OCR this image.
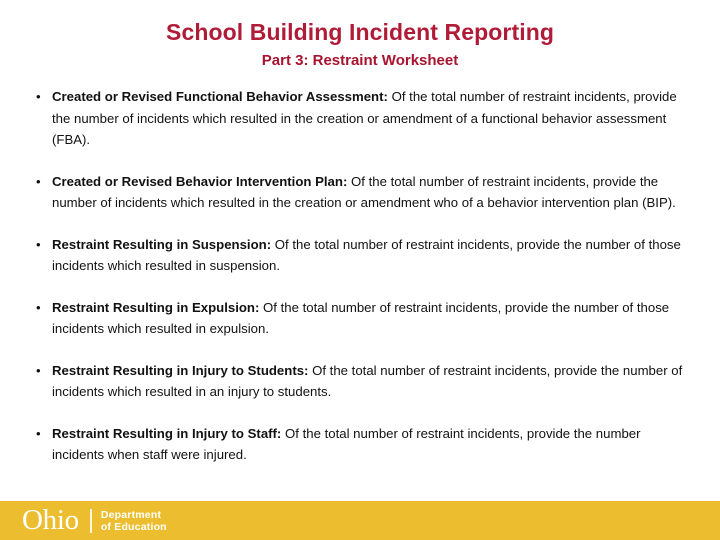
School Building Incident Reporting
Part 3: Restraint Worksheet

• Created or Revised Functional Behavior Assessment: Of the total number of restraint incidents, provide the number of incidents which resulted in the creation or amendment of a functional behavior assessment (FBA).

• Created or Revised Behavior Intervention Plan: Of the total number of restraint incidents, provide the number of incidents which resulted in the creation or amendment who of a behavior intervention plan (BIP).

• Restraint Resulting in Suspension: Of the total number of restraint incidents, provide the number of those incidents which resulted in suspension.

• Restraint Resulting in Expulsion: Of the total number of restraint incidents, provide the number of those incidents which resulted in expulsion.

• Restraint Resulting in Injury to Students: Of the total number of restraint incidents, provide the number of incidents which resulted in an injury to students.

• Restraint Resulting in Injury to Staff: Of the total number of restraint incidents, provide the number incidents when staff were injured.

Ohio Department
of Education
